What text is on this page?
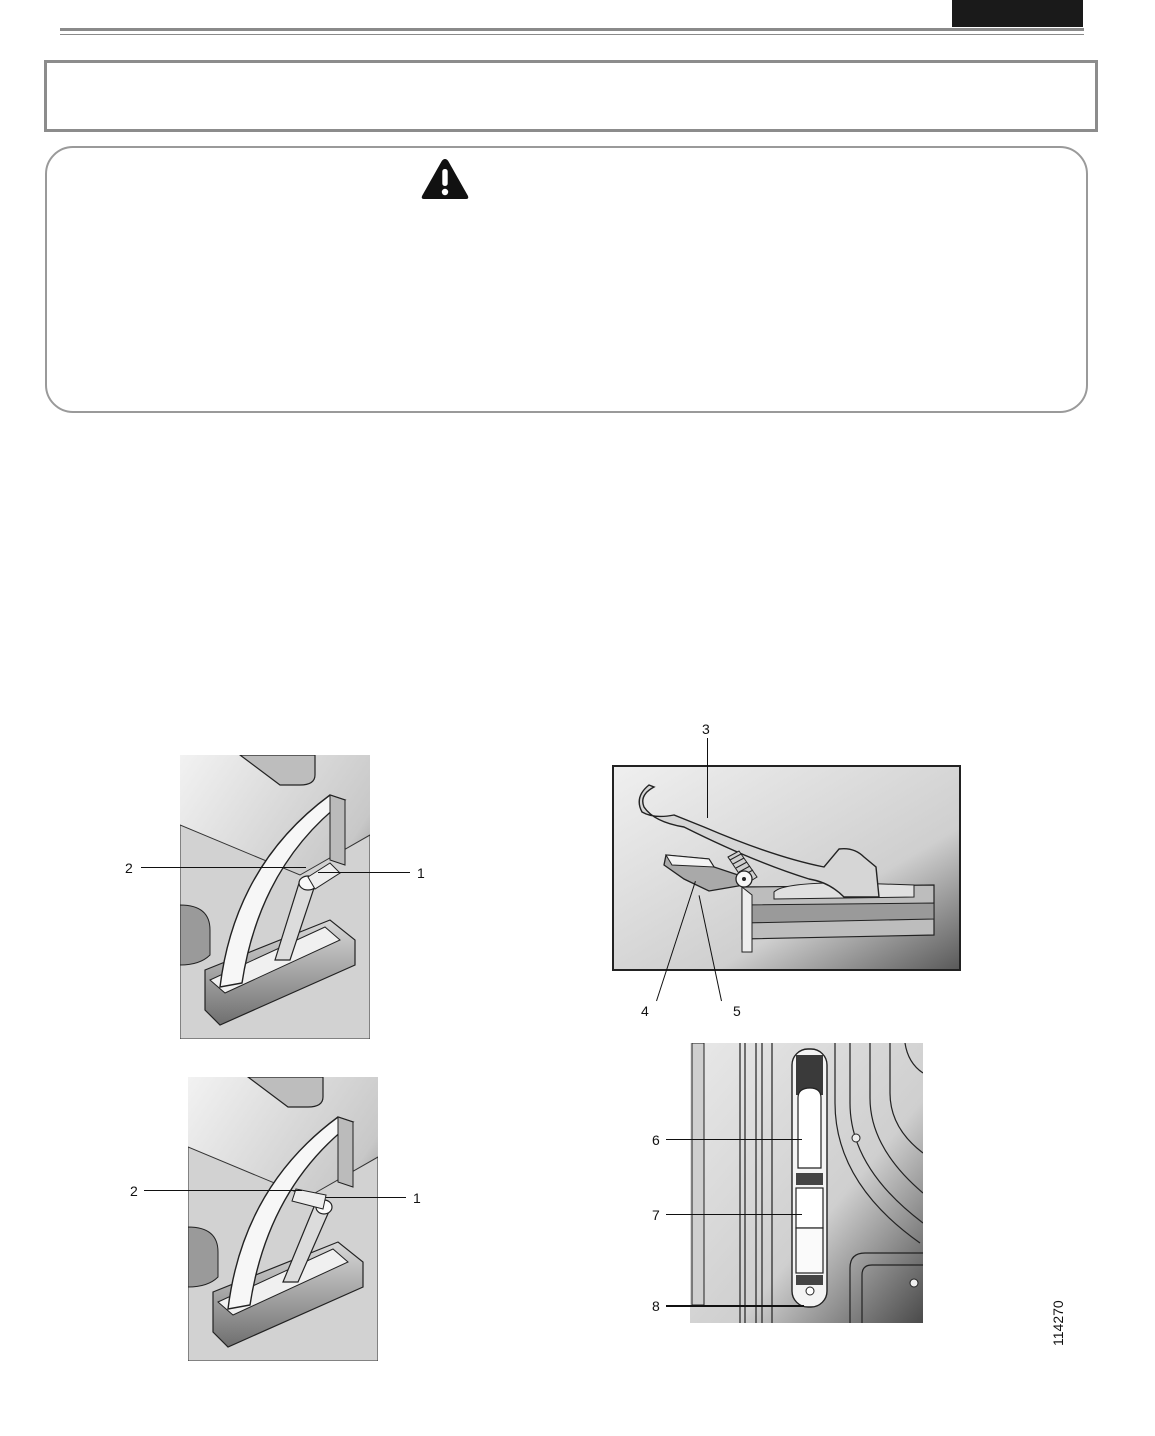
2	1
2	1
3
4	5
6
7
8	114270
